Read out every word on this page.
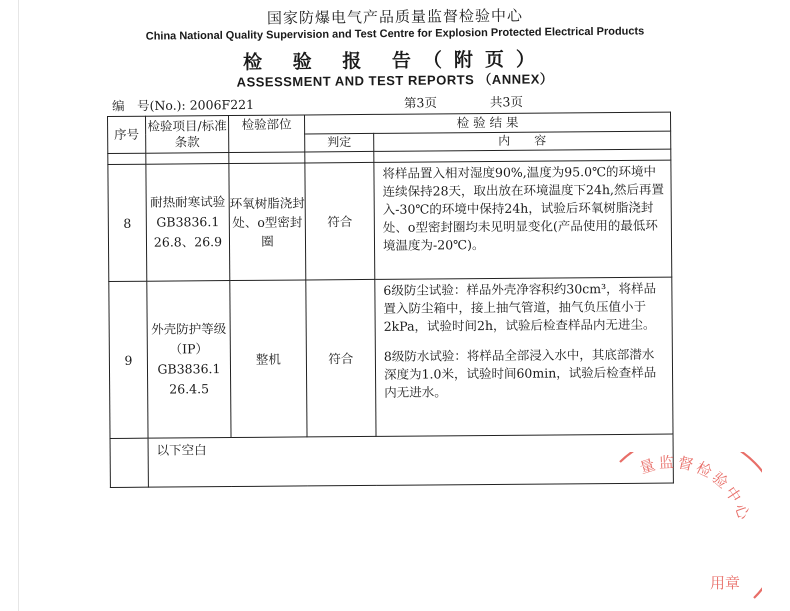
国家防爆电气产品质量监督检验中心
China National Quality Supervision and Test Centre for Explosion Protected Electrical Products
检 验 报 告（附页）
ASSESSMENT AND TEST REPORTS （ANNEX）
编　号(No.): 2006F221	第3页	共3页
序号	检验项目/标准条款	检验部位	检 验 结 果	
			判定	内　　容

8	耐热耐寒试验 GB3836.1 26.8、26.9	环氧树脂浇封处、o型密封圈	符合	将样品置入相对湿度90%,温度为95.0℃的环境中连续保持28天，取出放在环境温度下24h,然后再置入-30℃的环境中保持24h，试验后环氧树脂浇封处、o型密封圈均未见明显变化(产品使用的最低环境温度为-20℃)。
9	外壳防护等级（IP） GB3836.1 26.4.5	整机	符合	6级防尘试验：样品外壳净容积约30cm³，将样品置入防尘箱中，接上抽气管道，抽气负压值小于2kPa，试验时间2h，试验后检查样品内无进尘。
8级防水试验：将样品全部浸入水中，其底部潜水深度为1.0米，试验时间60min，试验后检查样品内无进水。

	以下空白			
量监督检验中心
用章
